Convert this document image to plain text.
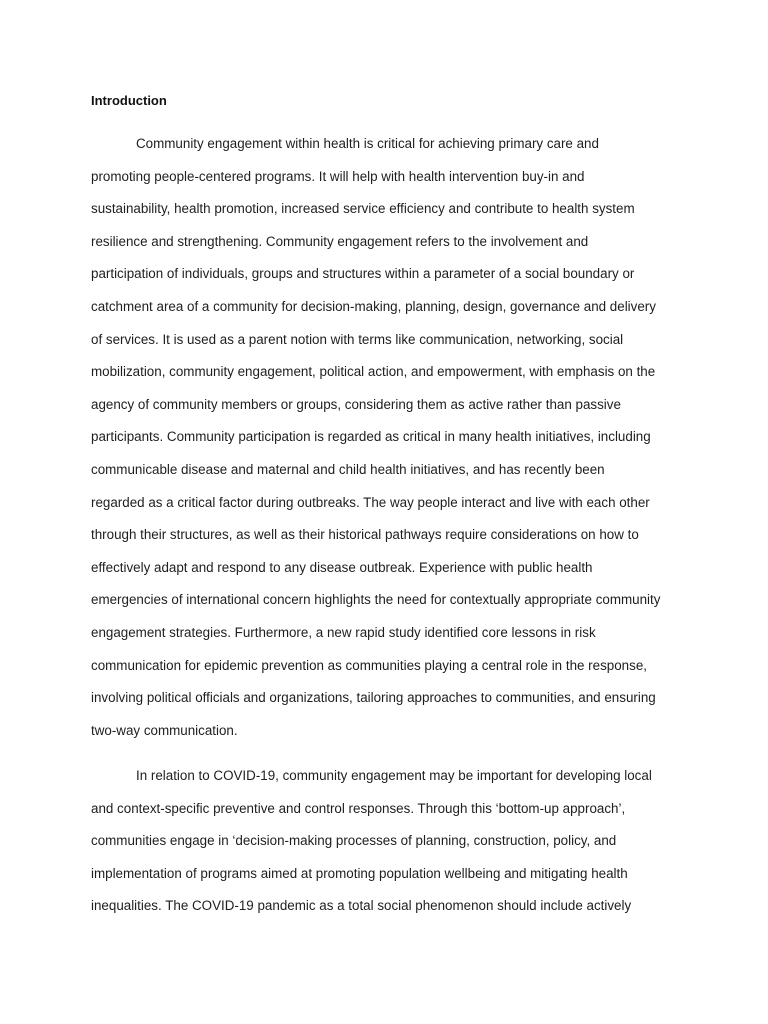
Introduction
Community engagement within health is critical for achieving primary care and
promoting people-centered programs. It will help with health intervention buy-in and
sustainability, health promotion, increased service efficiency and contribute to health system
resilience and strengthening. Community engagement refers to the involvement and
participation of individuals, groups and structures within a parameter of a social boundary or
catchment area of a community for decision-making, planning, design, governance and delivery
of services. It is used as a parent notion with terms like communication, networking, social
mobilization, community engagement, political action, and empowerment, with emphasis on the
agency of community members or groups, considering them as active rather than passive
participants. Community participation is regarded as critical in many health initiatives, including
communicable disease and maternal and child health initiatives, and has recently been
regarded as a critical factor during outbreaks. The way people interact and live with each other
through their structures, as well as their historical pathways require considerations on how to
effectively adapt and respond to any disease outbreak. Experience with public health
emergencies of international concern highlights the need for contextually appropriate community
engagement strategies. Furthermore, a new rapid study identified core lessons in risk
communication for epidemic prevention as communities playing a central role in the response,
involving political officials and organizations, tailoring approaches to communities, and ensuring
two-way communication.
In relation to COVID-19, community engagement may be important for developing local
and context-specific preventive and control responses. Through this ‘bottom-up approach’,
communities engage in ‘decision-making processes of planning, construction, policy, and
implementation of programs aimed at promoting population wellbeing and mitigating health
inequalities. The COVID-19 pandemic as a total social phenomenon should include actively
